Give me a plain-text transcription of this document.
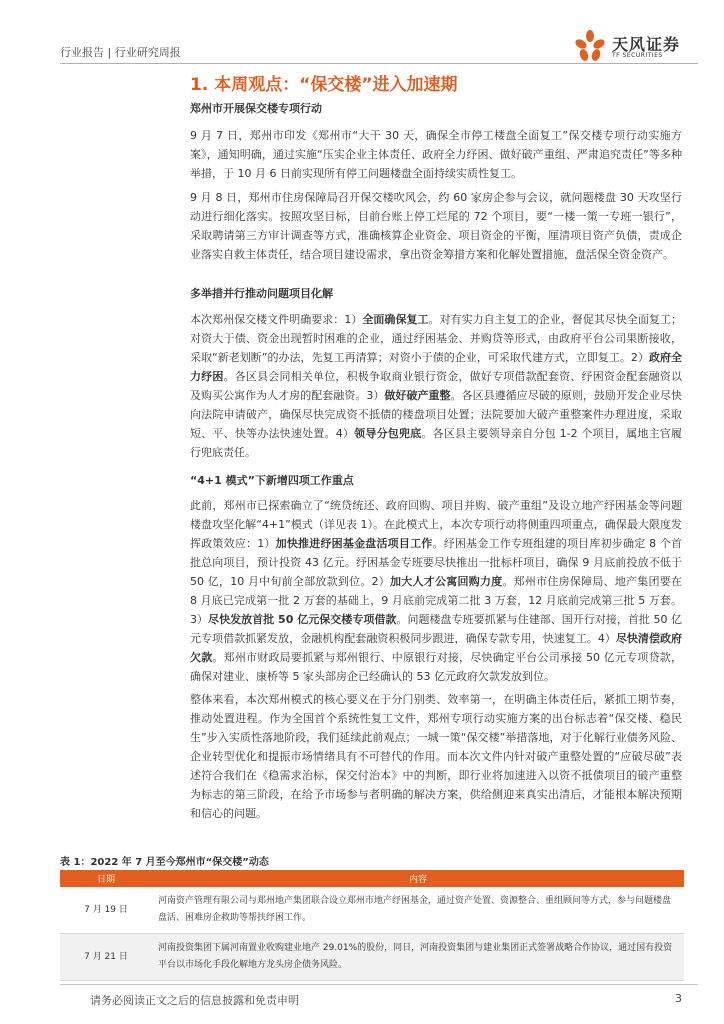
行业报告 | 行业研究周报	天风证券
TF SECURITIES
1. 本周观点：“保交楼”进入加速期
郑州市开展保交楼专项行动
9 月 7 日，郑州市印发《郑州市“大干 30 天，确保全市停工楼盘全面复工”保交楼专项行动实施方案》，通知明确，通过实施“压实企业主体责任、政府全力纾困、做好破产重组、严肃追究责任”等多种举措，于 10 月 6 日前实现所有停工问题楼盘全面持续实质性复工。
9 月 8 日，郑州市住房保障局召开保交楼吹风会，约 60 家房企参与会议，就问题楼盘 30 天攻坚行动进行细化落实。按照攻坚目标，目前台账上停工烂尾的 72 个项目，要“一楼一策一专班一银行”，采取聘请第三方审计调查等方式，准确核算企业资金、项目资金的平衡，厘清项目资产负债，责成企业落实自救主体责任，结合项目建设需求，拿出资金筹措方案和化解处置措施，盘活保全资金资产。
多举措并行推动问题项目化解
本次郑州保交楼文件明确要求：1）全面确保复工。对有实力自主复工的企业，督促其尽快全面复工；对资大于债、资金出现暂时困难的企业，通过纾困基金、并购贷等形式，由政府平台公司果断接收，采取“新老划断”的办法，先复工再清算；对资小于债的企业，可采取代建方式，立即复工。2）政府全力纾困。各区县会同相关单位，积极争取商业银行资金，做好专项借款配套资、纾困资金配套融资以及购买公寓作为人才房的配套融资。3）做好破产重整。各区县遵循应尽破的原则，鼓励开发企业尽快向法院申请破产，确保尽快完成资不抵债的楼盘项目处置；法院要加大破产重整案件办理进度，采取短、平、快等办法快速处置。4）领导分包兜底。各区县主要领导亲自分包 1-2 个项目，属地主官履行兜底责任。
“4+1 模式”下新增四项工作重点
此前，郑州市已探索确立了“统贷统还、政府回购、项目并购、破产重组”及设立地产纾困基金等问题楼盘攻坚化解“4+1”模式（详见表 1）。在此模式上，本次专项行动将侧重四项重点，确保最大限度发挥政策效应：1）加快推进纾困基金盘活项目工作。纾困基金工作专班组建的项目库初步确定 8 个首批总向项目，预计投资 43 亿元。纾困基金专班要尽快推出一批标杆项目，确保 9 月底前投放不低于 50 亿，10 月中旬前全部放款到位。2）加大人才公寓回购力度。郑州市住房保障局、地产集团要在 8 月底已完成第一批 2 万套的基础上，9 月底前完成第二批 3 万套，12 月底前完成第三批 5 万套。3）尽快发放首批 50 亿元保交楼专项借款。问题楼盘专班要抓紧与住建部、国开行对接，首批 50 亿元专项借款抓紧发放，金融机构配套融资积极同步跟进，确保专款专用，快速复工。4）尽快清偿政府欠款。郑州市财政局要抓紧与郑州银行、中原银行对接，尽快确定平台公司承接 50 亿元专项贷款，确保对建业、康桥等 5 家头部房企已经确认的 53 亿元政府欠款发放到位。
整体来看，本次郑州模式的核心要义在于分门别类、效率第一，在明确主体责任后，紧抓工期节奏，推动处置进程。作为全国首个系统性复工文件，郑州专项行动实施方案的出台标志着“保交楼、稳民生”步入实质性落地阶段，我们延续此前观点；一城一策“保交楼”举措落地，对于化解行业债务风险、企业转型优化和提振市场情绪具有不可替代的作用。而本次文件内针对破产重整处置的“应破尽破”表述符合我们在《稳需求治标，保交付治本》中的判断，即行业将加速进入以资不抵债项目的破产重整为标志的第三阶段，在给予市场参与者明确的解决方案，供给侧迎来真实出清后，才能根本解决预期和信心的问题。
表 1：2022 年 7 月至今郑州市“保交楼”动态
日期	内容
7 月 19 日	河南资产管理有限公司与郑州地产集团联合设立郑州市地产纾困基金，通过资产处置、资源整合、重组顾问等方式，参与问题楼盘盘活、困难房企救助等帮扶纾困工作。
7 月 21 日	河南投资集团下属河南置业收购建业地产 29.01%的股份，同日，河南投资集团与建业集团正式签署战略合作协议，通过国有投资平台以市场化手段化解地方龙头房企债务风险。
请务必阅读正文之后的信息披露和免责申明	3
